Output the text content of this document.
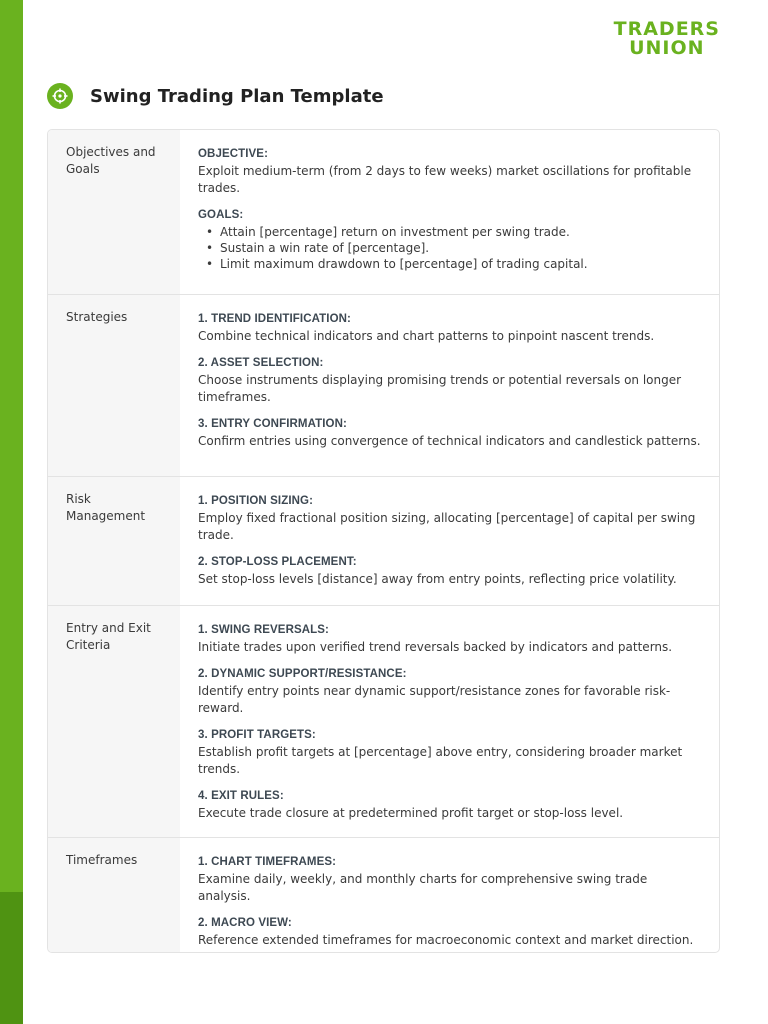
TRADERS
UNION
Swing Trading Plan Template
Objectives and Goals
OBJECTIVE:
Exploit medium-term (from 2 days to few weeks) market oscillations for profitable trades.
GOALS:
• Attain [percentage] return on investment per swing trade.
• Sustain a win rate of [percentage].
• Limit maximum drawdown to [percentage] of trading capital.
Strategies	1. TREND IDENTIFICATION:
Combine technical indicators and chart patterns to pinpoint nascent trends.
2. ASSET SELECTION:
Choose instruments displaying promising trends or potential reversals on longer timeframes.
3. ENTRY CONFIRMATION:
Confirm entries using convergence of technical indicators and candlestick patterns.
Risk Management
1. POSITION SIZING:
Employ fixed fractional position sizing, allocating [percentage] of capital per swing trade.
2. STOP-LOSS PLACEMENT:
Set stop-loss levels [distance] away from entry points, reflecting price volatility.
Entry and Exit Criteria
1. SWING REVERSALS:
Initiate trades upon verified trend reversals backed by indicators and patterns.
2. DYNAMIC SUPPORT/RESISTANCE:
Identify entry points near dynamic support/resistance zones for favorable risk-reward.
3. PROFIT TARGETS:
Establish profit targets at [percentage] above entry, considering broader market trends.
4. EXIT RULES:
Execute trade closure at predetermined profit target or stop-loss level.
Timeframes	1. CHART TIMEFRAMES:
Examine daily, weekly, and monthly charts for comprehensive swing trade analysis.
2. MACRO VIEW:
Reference extended timeframes for macroeconomic context and market direction.
